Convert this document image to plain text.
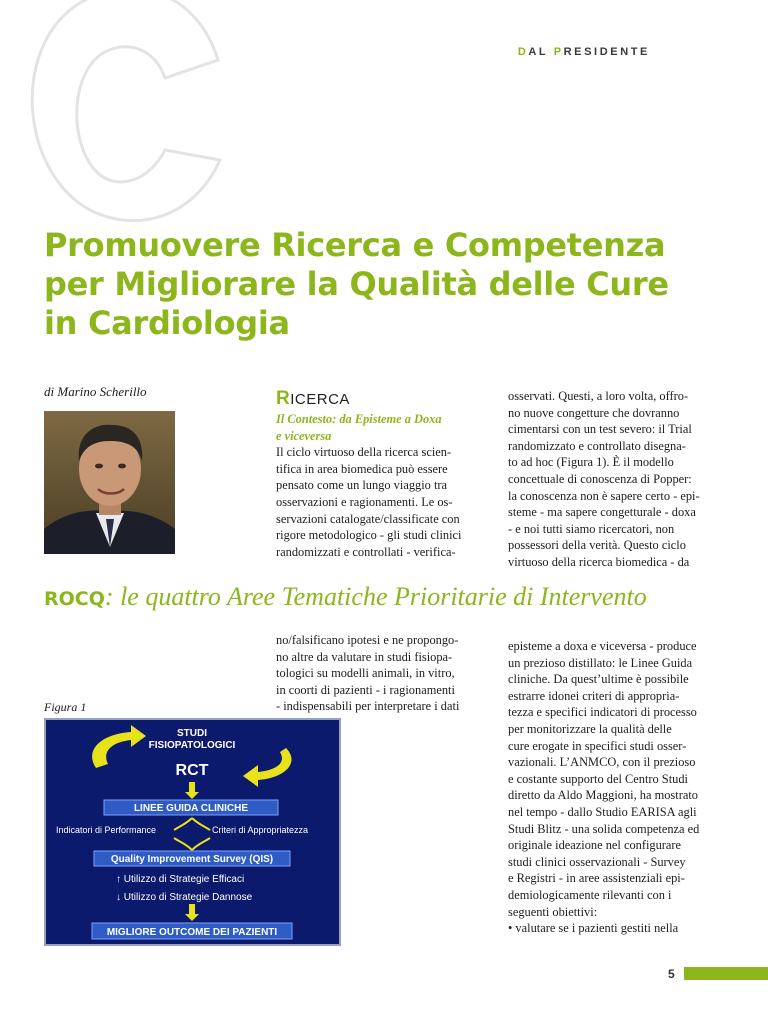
DAL PRESIDENTE
Promuovere Ricerca e Competenza
per Migliorare la Qualità delle Cure
in Cardiologia
di Marino Scherillo	RICERCA

Il Contesto: da Episteme a Doxa

e viceversa

Il ciclo virtuoso della ricerca scien-

tifica in area biomedica può essere

pensato come un lungo viaggio tra

osservazioni e ragionamenti. Le os-

servazioni catalogate/classificate con

rigore metodologico - gli studi clinici

randomizzati e controllati - verifica-

osservati. Questi, a loro volta, offro-

no nuove congetture che dovranno

cimentarsi con un test severo: il Trial

randomizzato e controllato disegna-

to ad hoc (Figura 1). È il modello

concettuale di conoscenza di Popper:

la conoscenza non è sapere certo - epi-

steme - ma sapere congetturale - doxa

- e noi tutti siamo ricercatori, non

possessori della verità. Questo ciclo

virtuoso della ricerca biomedica - da

ROCQ: le quattro Aree Tematiche Prioritarie di Intervento

no/falsificano ipotesi e ne propongo-

no altre da valutare in studi fisiopa-

tologici su modelli animali, in vitro,

in coorti di pazienti - i ragionamenti

- indispensabili per interpretare i dati

episteme a doxa e viceversa - produce

un prezioso distillato: le Linee Guida

cliniche. Da quest’ultime è possibile

estrarre idonei criteri di appropria-

tezza e specifici indicatori di processo

per monitorizzare la qualità delle

cure erogate in specifici studi osser-

vazionali. L’ANMCO, con il prezioso

e costante supporto del Centro Studi

diretto da Aldo Maggioni, ha mostrato

nel tempo - dallo Studio EARISA agli

Studi Blitz - una solida competenza ed

originale ideazione nel configurare

studi clinici osservazionali - Survey

e Registri - in aree assistenziali epi-

demiologicamente rilevanti con i

seguenti obiettivi:

• valutare se i pazienti gestiti nella

Figura 1
STUDI
FISIOPATOLOGICI
RCT
LINEE GUIDA CLINICHE
Indicatori di Performance	Criteri di Appropriatezza
Quality Improvement Survey (QIS)
↑ Utilizzo di Strategie Efficaci
↓ Utilizzo di Strategie Dannose
MIGLIORE OUTCOME DEI PAZIENTI
5
